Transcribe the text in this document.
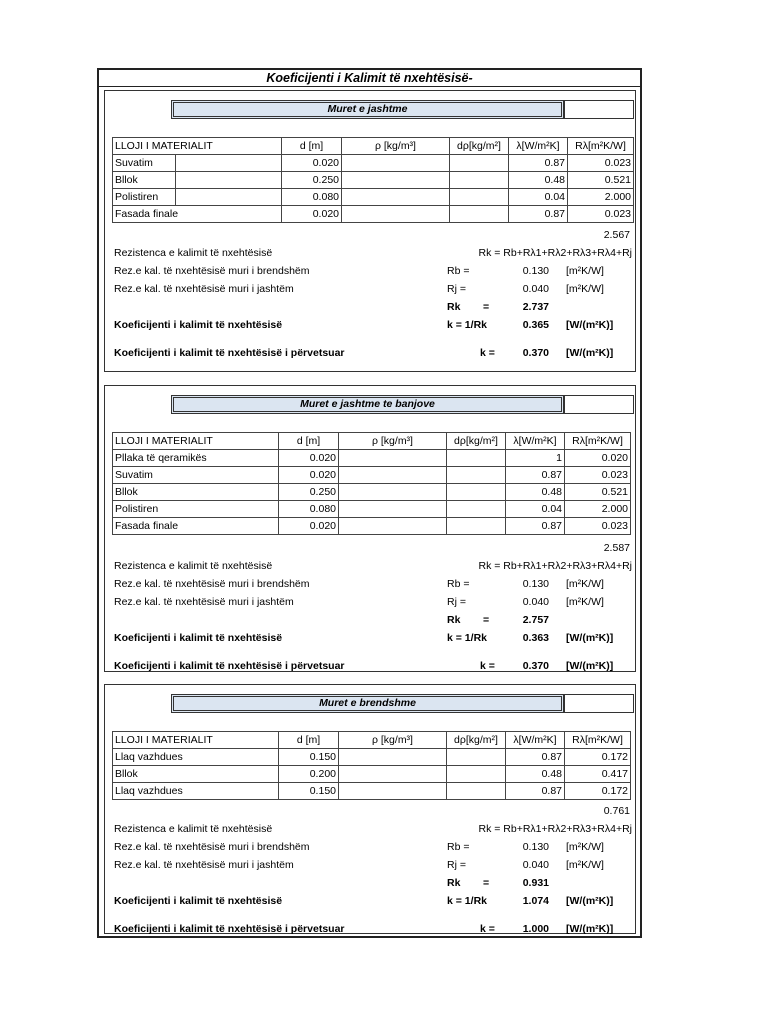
Koeficijenti i Kalimit të nxehtësisë-
Muret e jashtme
LLOJI I MATERIALIT		d [m]	ρ [kg/m³]	dρ[kg/m²]	λ[W/m²K]	Rλ[m²K/W]
Suvatim		0.020			0.87	0.023
Bllok		0.250			0.48	0.521
Polistiren		0.080			0.04	2.000
Fasada finale		0.020			0.87	0.023
2.567
Rezistenca e kalimit të nxehtësisë	Rk = Rb+Rλ1+Rλ2+Rλ3+Rλ4+Rj
Rez.e kal. të nxehtësisë muri i brendshëm	Rb =	0.130 [m²K/W]
Rez.e kal. të nxehtësisë muri i jashtëm	Rj =	0.040 [m²K/W]
Rk =	2.737
Koeficijenti i kalimit të nxehtësisë	k = 1/Rk	0.365 [W/(m²K)]
Koeficijenti i kalimit të nxehtësisë i përvetsuar	k =	0.370 [W/(m²K)]
Muret e jashtme te banjove
LLOJI I MATERIALIT	d [m]	ρ [kg/m³]	dρ[kg/m²]	λ[W/m²K]	Rλ[m²K/W]
Pllaka të qeramikës	0.020			1	0.020
Suvatim	0.020			0.87	0.023
Bllok	0.250			0.48	0.521
Polistiren	0.080			0.04	2.000
Fasada finale	0.020			0.87	0.023
2.587
Rezistenca e kalimit të nxehtësisë	Rk = Rb+Rλ1+Rλ2+Rλ3+Rλ4+Rj
Rez.e kal. të nxehtësisë muri i brendshëm	Rb =	0.130 [m²K/W]
Rez.e kal. të nxehtësisë muri i jashtëm	Rj =	0.040 [m²K/W]
Rk =	2.757
Koeficijenti i kalimit të nxehtësisë	k = 1/Rk	0.363 [W/(m²K)]
Koeficijenti i kalimit të nxehtësisë i përvetsuar	k =	0.370 [W/(m²K)]
Muret e brendshme
LLOJI I MATERIALIT	d [m]	ρ [kg/m³]	dρ[kg/m²]	λ[W/m²K]	Rλ[m²K/W]
Llaq vazhdues	0.150			0.87	0.172
Bllok	0.200			0.48	0.417
Llaq vazhdues	0.150			0.87	0.172
0.761
Rezistenca e kalimit të nxehtësisë	Rk = Rb+Rλ1+Rλ2+Rλ3+Rλ4+Rj
Rez.e kal. të nxehtësisë muri i brendshëm	Rb =	0.130 [m²K/W]
Rez.e kal. të nxehtësisë muri i jashtëm	Rj =	0.040 [m²K/W]
Rk =	0.931
Koeficijenti i kalimit të nxehtësisë	k = 1/Rk	1.074 [W/(m²K)]
Koeficijenti i kalimit të nxehtësisë i përvetsuar	k =	1.000 [W/(m²K)]
